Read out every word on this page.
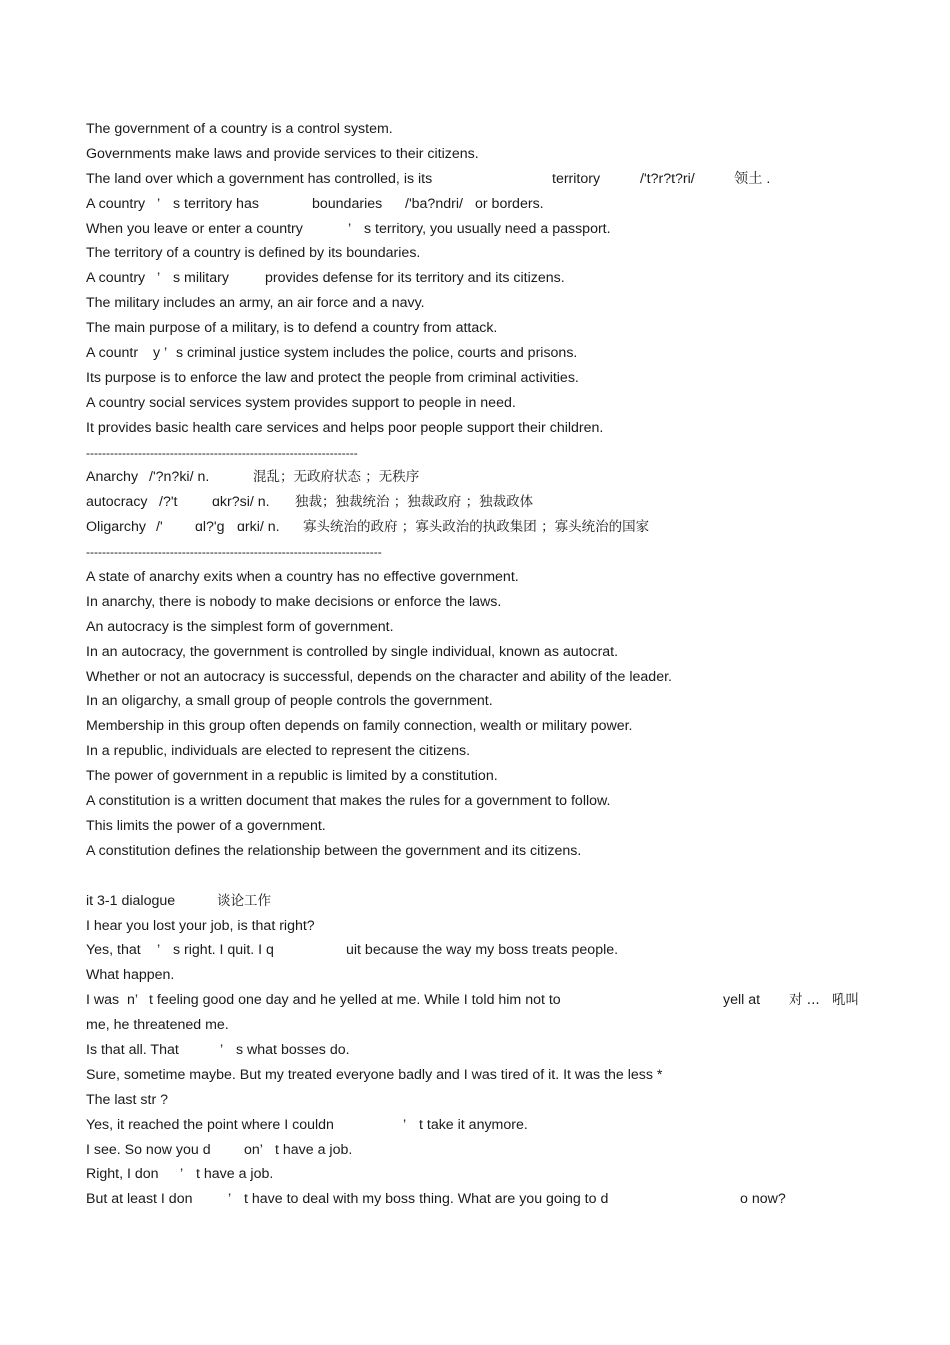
The government of a country is a control system.
Governments make laws and provide services to their citizens.
The land over which a government has controlled, is its	territory	/'t?r?t?ri/	领土 .
A country ’ s territory has	boundaries /'ba?ndri/ or borders.
When you leave or enter a country	’ s territory, you usually need a passport.
The territory of a country is defined by its boundaries.
A country ’ s military	provides defense for its territory and its citizens.
The military includes an army, an air force and a navy.
The main purpose of a military, is to defend a country from attack.
A countr y ’ s criminal justice system includes the police, courts and prisons.
Its purpose is to enforce the law and protect the people from criminal activities.
A country social services system provides support to people in need.
It provides basic health care services and helps poor people support their children.
--------------------------------------------------------------------
Anarchy /'?n?ki/ n.	混乱；无政府状态 ；无秩序
autocracy /?'t ɑkr?si/ n. 独裁；独裁统治 ；独裁政府 ；独裁政体
Oligarchy /' ɑl?'g ɑrki/ n. 寡头统治的政府 ；寡头政治的执政集团 ；寡头统治的国家
--------------------------------------------------------------------------
A state of anarchy exits when a country has no effective government.
In anarchy, there is nobody to make decisions or enforce the laws.
An autocracy is the simplest form of government.
In an autocracy, the government is controlled by single individual, known as autocrat.
Whether or not an autocracy is successful, depends on the character and ability of the leader.
In an oligarchy, a small group of people controls the government.
Membership in this group often depends on family connection, wealth or military power.
In a republic, individuals are elected to represent the citizens.
The power of government in a republic is limited by a constitution.
A constitution is a written document that makes the rules for a government to follow.
This limits the power of a government.
A constitution defines the relationship between the government and its citizens.
it 3-1 dialogue	谈论工作
I hear you lost your job, is that right?
Yes, that ’ s right. I quit. I q	uit because the way my boss treats people.
What happen.
I was n’ t feeling good one day and he yelled at me. While I told him not to	yell at 对 ... 吼叫
me, he threatened me.
Is that all. That	’ s what bosses do.
Sure, sometime maybe. But my treated everyone badly and I was tired of it. It was the less *
The last str ?
Yes, it reached the point where I couldn	’ t take it anymore.
I see. So now you d on’ t have a job.
Right, I don ’ t have a job.
But at least I don	’ t have to deal with my boss thing. What are you going to d	o now?
